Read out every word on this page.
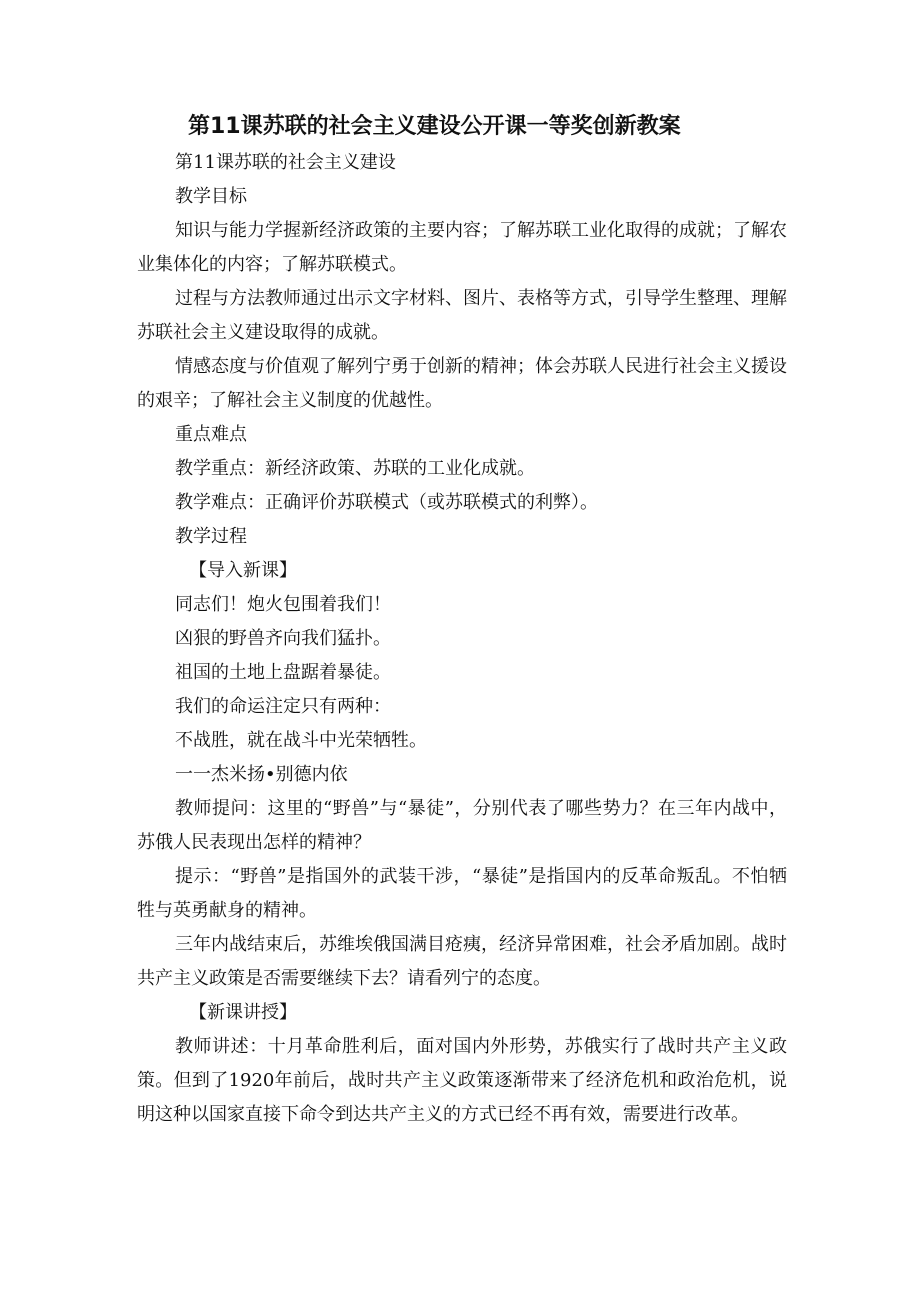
第11课苏联的社会主义建设公开课一等奖创新教案

第11课苏联的社会主义建设

教学目标

知识与能力学握新经济政策的主要内容；了解苏联工业化取得的成就；了解农业集体化的内容；了解苏联模式。

过程与方法教师通过出示文字材料、图片、表格等方式，引导学生整理、理解苏联社会主义建设取得的成就。

情感态度与价值观了解列宁勇于创新的精神；体会苏联人民进行社会主义援设的艰辛；了解社会主义制度的优越性。

重点难点

教学重点：新经济政策、苏联的工业化成就。

教学难点：正确评价苏联模式（或苏联模式的利弊）。

教学过程

【导入新课】

同志们！炮火包围着我们！

凶狠的野兽齐向我们猛扑。

祖国的土地上盘踞着暴徒。

我们的命运注定只有两种：

不战胜，就在战斗中光荣牺牲。

一一杰米扬•别德内依

教师提问：这里的“野兽”与“暴徒”，分别代表了哪些势力？在三年内战中，苏俄人民表现出怎样的精神？

提示：“野兽”是指国外的武装干涉，“暴徒”是指国内的反革命叛乱。不怕牺牲与英勇献身的精神。

三年内战结束后，苏维埃俄国满目疮痍，经济异常困难，社会矛盾加剧。战时共产主义政策是否需要继续下去？请看列宁的态度。

【新课讲授】

教师讲述：十月革命胜利后，面对国内外形势，苏俄实行了战时共产主义政策。但到了1920年前后，战时共产主义政策逐渐带来了经济危机和政治危机，说明这种以国家直接下命令到达共产主义的方式已经不再有效，需要进行改革。
